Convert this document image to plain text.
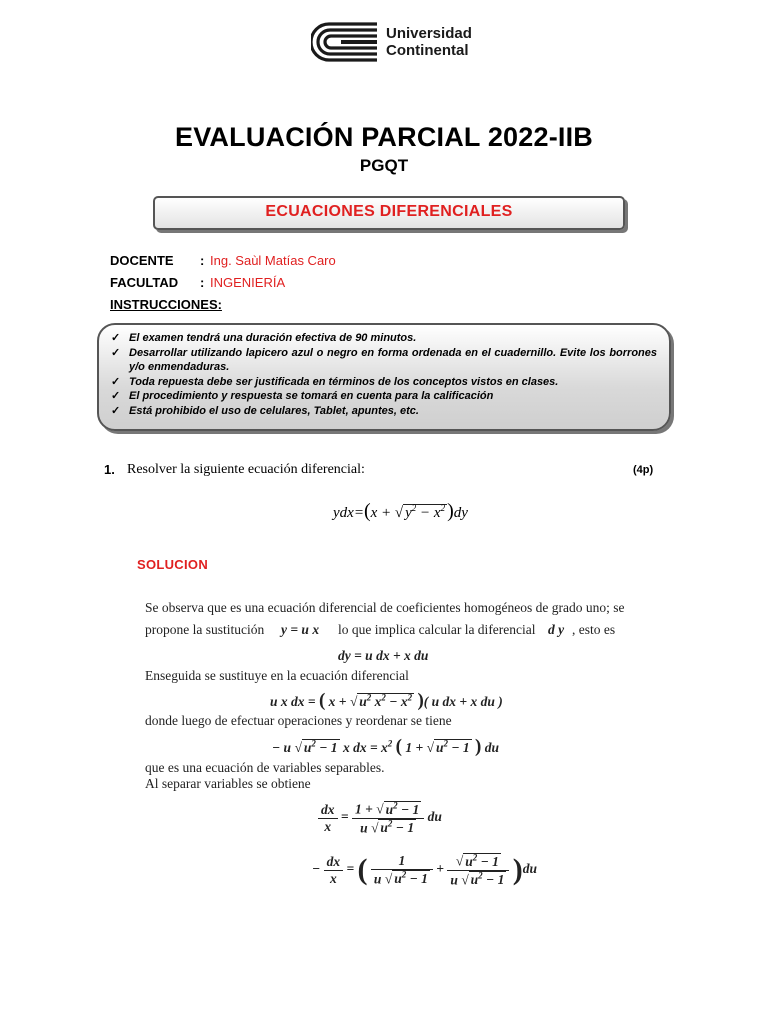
Universidad
Continental
EVALUACIÓN PARCIAL 2022-IIB
PGQT
ECUACIONES DIFERENCIALES
DOCENTE : Ing. Saùl Matías Caro
FACULTAD : INGENIERÍA
INSTRUCCIONES:
✓ El examen tendrá una duración efectiva de 90 minutos.
✓ Desarrollar utilizando lapicero azul o negro en forma ordenada en el cuadernillo. Evite los borrones y/o enmendaduras.
✓ Toda repuesta debe ser justificada en términos de los conceptos vistos en clases.
✓ El procedimiento y respuesta se tomará en cuenta para la calificación
✓ Está prohibido el uso de celulares, Tablet, apuntes, etc.
1. Resolver la siguiente ecuación diferencial:	(4p)
ydx=(x + √ $y^2 - x^2$ )dy
SOLUCION
Se observa que es una ecuación diferencial de coeficientes homogéneos de grado uno; se
propone la sustitución y = u x lo que implica calcular la diferencial d y , esto es
dy = u dx + x du
Enseguida se sustituye en la ecuación diferencial
u x dx = ( x + √ $u^2$ $x^2 - x^2$ )( u dx + x du )
donde luego de efectuar operaciones y reordenar se tiene
− u √ $u^2 - 1$ x dx = $x^2$ ( 1 + √ $u^2 - 1$ ) du
que es una ecuación de variables separables.
Al separar variables se obtiene
$\frac{dx}{x} = \frac{1 + √ u^2 - 1}{u √ u^2 - 1}$ du
− $\frac{dx}{x}$ = ( $\frac{1}{u √ u^2 - 1} + \frac{√ u^2 - 1}{u √ u^2 - 1} )du$
